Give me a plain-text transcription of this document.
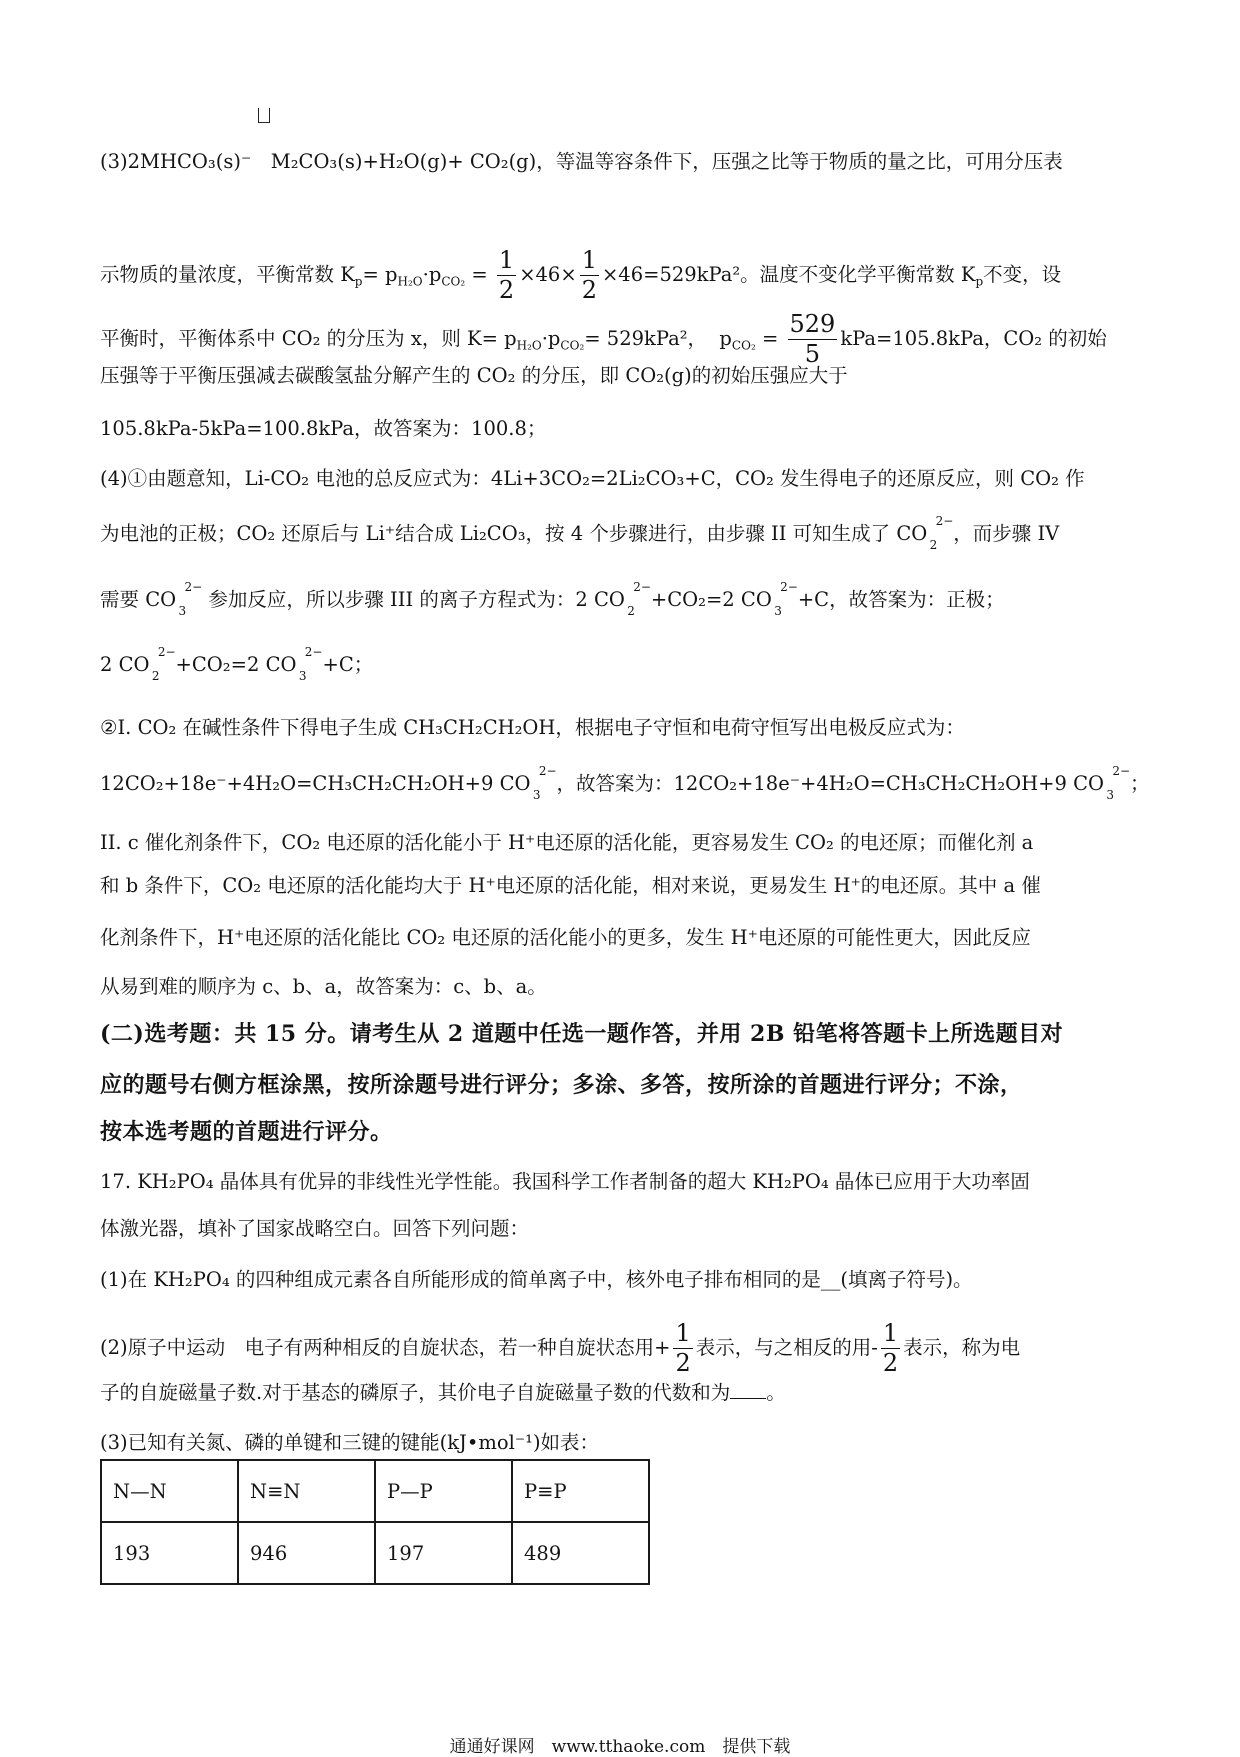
(3)2MHCO₃(s)⁻　M₂CO₃(s)+H₂O(g)+ CO₂(g)，等温等容条件下，压强之比等于物质的量之比，可用分压表
示物质的量浓度，平衡常数 $K_p= p_{H_2O}\cdot p_{CO_2} = \frac{1}{2} \times 46\times \frac{1}{2} \times 46=529kPa^2$。温度不变化学平衡常数 $K_p$不变，设
平衡时，平衡体系中 CO₂ 的分压为 x，则 $K= p_{H_2O}\cdot p_{CO_2}= 529kPa^2$，  $p_{CO_2} = \frac{529}{5} kPa=105.8kPa$，CO₂ 的初始
压强等于平衡压强减去碳酸氢盐分解产生的 CO₂ 的分压，即 CO₂(g)的初始压强应大于
105.8kPa-5kPa=100.8kPa，故答案为：100.8；
(4)①由题意知，Li-CO₂ 电池的总反应式为：4Li+3CO₂=2Li₂CO₃+C，CO₂ 发生得电子的还原反应，则 CO₂ 作
为电池的正极；CO₂ 还原后与 Li⁺结合成 Li₂CO₃，按 4 个步骤进行，由步骤 II 可知生成了 CO
2−
2 ，而步骤 IV
需要 CO
2−
3 参加反应，所以步骤 III 的离子方程式为：2 CO
2−
2 +CO₂=2 CO
2−
3 +C，故答案为：正极；
2 CO
2−
2 +CO₂=2 CO
2−
3 +C；
②I. CO₂ 在碱性条件下得电子生成 CH₃CH₂CH₂OH，根据电子守恒和电荷守恒写出电极反应式为：
12CO₂+18e⁻+4H₂O=CH₃CH₂CH₂OH+9 CO
2−
3 ，故答案为：12CO₂+18e⁻+4H₂O=CH₃CH₂CH₂OH+9 CO
2−
3 ；
II. c 催化剂条件下，CO₂ 电还原的活化能小于 H⁺电还原的活化能，更容易发生 CO₂ 的电还原；而催化剂 a
和 b 条件下，CO₂ 电还原的活化能均大于 H⁺电还原的活化能，相对来说，更易发生 H⁺的电还原。其中 a 催
化剂条件下，H⁺电还原的活化能比 CO₂ 电还原的活化能小的更多，发生 H⁺电还原的可能性更大，因此反应
从易到难的顺序为 c、b、a，故答案为：c、b、a。
(二)选考题：共 15 分。请考生从 2 道题中任选一题作答，并用 2B 铅笔将答题卡上所选题目对
应的题号右侧方框涂黑，按所涂题号进行评分；多涂、多答，按所涂的首题进行评分；不涂，
按本选考题的首题进行评分。
17. KH₂PO₄ 晶体具有优异的非线性光学性能。我国科学工作者制备的超大 KH₂PO₄ 晶体已应用于大功率固
体激光器，填补了国家战略空白。回答下列问题：
(1)在 KH₂PO₄ 的四种组成元素各自所能形成的简单离子中，核外电子排布相同的是__(填离子符号)。
(2)原子中运动　电子有两种相反的自旋状态，若一种自旋状态用+ $\frac{1}{2}$ 表示，与之相反的用- $\frac{1}{2}$ 表示，称为电
子的自旋磁量子数.对于基态的磷原子，其价电子自旋磁量子数的代数和为 。
(3)已知有关氮、磷的单键和三键的键能(kJ•mol⁻¹)如表：
N—N	N≡N	P—P	P≡P
193	946	197	489
通通好课网　www.tthaoke.com　提供下载
